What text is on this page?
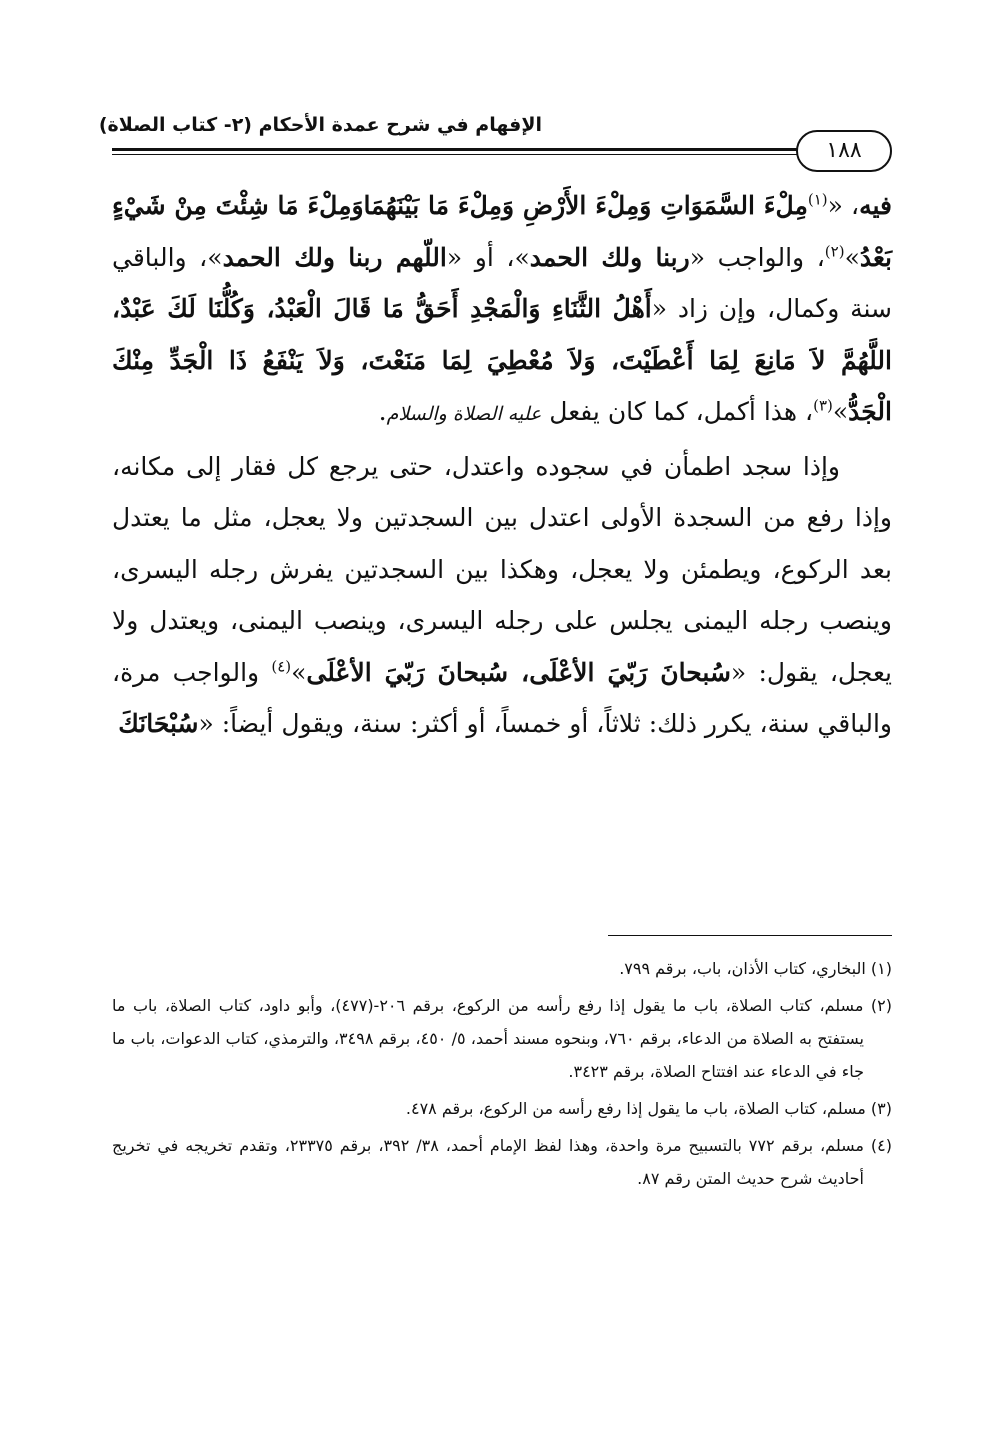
الإفهام في شرح عمدة الأحكام (٢- كتاب الصلاة)
١٨٨

فيه، «$^{(١)}$مِلْءَ السَّمَوَاتِ وَمِلْءَ الأَرْضِ وَمِلْءَ مَا بَيْنَهُمَاوَمِلْءَ مَا شِئْتَ مِنْ شَيْءٍ بَعْدُ»$^{(٢)}$، والواجب «ربنا ولك الحمد»، أو «اللّهم ربنا ولك الحمد»، والباقي سنة وكمال، وإن زاد «أَهْلُ الثَّنَاءِ وَالْمَجْدِ أَحَقُّ مَا قَالَ الْعَبْدُ، وَكُلُّنَا لَكَ عَبْدٌ، اللَّهُمَّ لاَ مَانِعَ لِمَا أَعْطَيْتَ، وَلاَ مُعْطِيَ لِمَا مَنَعْتَ، وَلاَ يَنْفَعُ ذَا الْجَدِّ مِنْكَ الْجَدُّ»$^{(٣)}$، هذا أكمل، كما كان يفعل عليه الصلاة والسلام.

وإذا سجد اطمأن في سجوده واعتدل، حتى يرجع كل فقار إلى مكانه، وإذا رفع من السجدة الأولى اعتدل بين السجدتين ولا يعجل، مثل ما يعتدل بعد الركوع، ويطمئن ولا يعجل، وهكذا بين السجدتين يفرش رجله اليسرى، وينصب رجله اليمنى يجلس على رجله اليسرى، وينصب اليمنى، ويعتدل ولا يعجل، يقول: «سُبحانَ رَبّيَ الأعْلَى، سُبحانَ رَبّيَ الأعْلَى»$^{(٤)}$ والواجب مرة، والباقي سنة، يكرر ذلك: ثلاثاً، أو خمساً، أو أكثر: سنة، ويقول أيضاً: «سُبْحَانَكَ

(١) البخاري، كتاب الأذان، باب، برقم ٧٩٩.

(٢) مسلم، كتاب الصلاة، باب ما يقول إذا رفع رأسه من الركوع، برقم ٢٠٦-(٤٧٧)، وأبو داود، كتاب الصلاة، باب ما يستفتح به الصلاة من الدعاء، برقم ٧٦٠، وبنحوه مسند أحمد، ٥/ ٤٥٠، برقم ٣٤٩٨، والترمذي، كتاب الدعوات، باب ما جاء في الدعاء عند افتتاح الصلاة، برقم ٣٤٢٣.

(٣) مسلم، كتاب الصلاة، باب ما يقول إذا رفع رأسه من الركوع، برقم ٤٧٨.

(٤) مسلم، برقم ٧٧٢ بالتسبيح مرة واحدة، وهذا لفظ الإمام أحمد، ٣٨/ ٣٩٢، برقم ٢٣٣٧٥، وتقدم تخريجه في تخريج أحاديث شرح حديث المتن رقم ٨٧.
